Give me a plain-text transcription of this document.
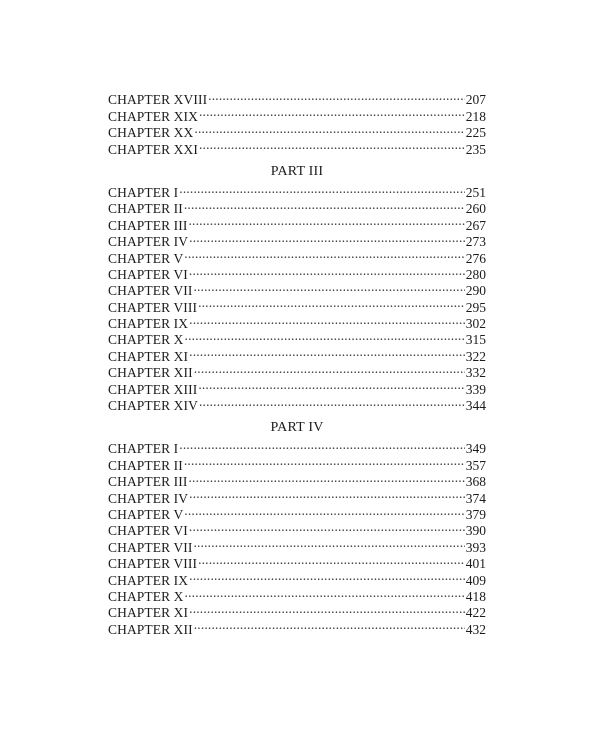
CHAPTER XVIII . . .	207
CHAPTER XIX . . .	218
CHAPTER XX . . .	225
CHAPTER XXI . . .	235
PART III
CHAPTER I . . .	251
CHAPTER II . . .	260
CHAPTER III . . .	267
CHAPTER IV . . .	273
CHAPTER V . . .	276
CHAPTER VI . . .	280
CHAPTER VII . . .	290
CHAPTER VIII . . .	295
CHAPTER IX . . .	302
CHAPTER X . . .	315
CHAPTER XI . . .	322
CHAPTER XII . . .	332
CHAPTER XIII . . .	339
CHAPTER XIV . . .	344
PART IV
CHAPTER I . . .	349
CHAPTER II . . .	357
CHAPTER III . . .	368
CHAPTER IV . . .	374
CHAPTER V . . .	379
CHAPTER VI . . .	390
CHAPTER VII . . .	393
CHAPTER VIII . . .	401
CHAPTER IX . . .	409
CHAPTER X . . .	418
CHAPTER XI . . .	422
CHAPTER XII . . .	432
